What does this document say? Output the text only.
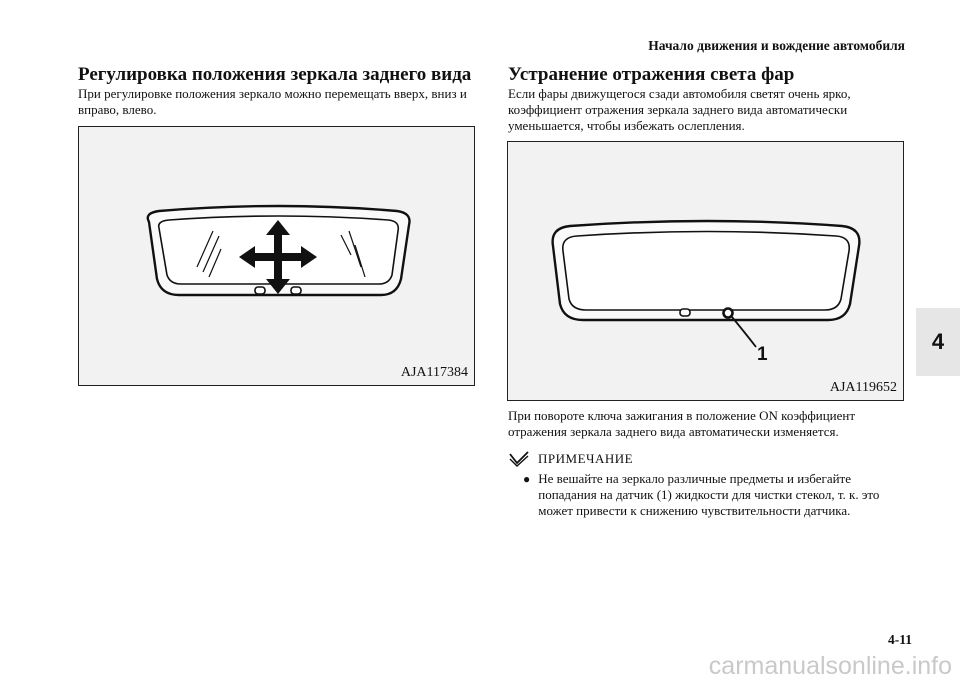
Начало движения и вождение автомобиля
Регулировка положения зеркала заднего вида
При регулировке положения зеркало можно перемещать вверх, вниз и вправо, влево.
AJA117384
Устранение отражения света фар
Если фары движущегося сзади автомобиля светят очень ярко, коэффициент отражения зеркала заднего вида автоматически уменьшается, чтобы избежать ослепления.
1
AJA119652
При повороте ключа зажигания в положение ON коэффициент отражения зеркала заднего вида автоматически изменяется.
ПРИМЕЧАНИЕ
● Не вешайте на зеркало различные предметы и избегайте попадания на датчик (1) жидкости для чистки стекол, т. к. это может привести к снижению чувствительности датчика.
4
4-11
carmanualsonline.info
